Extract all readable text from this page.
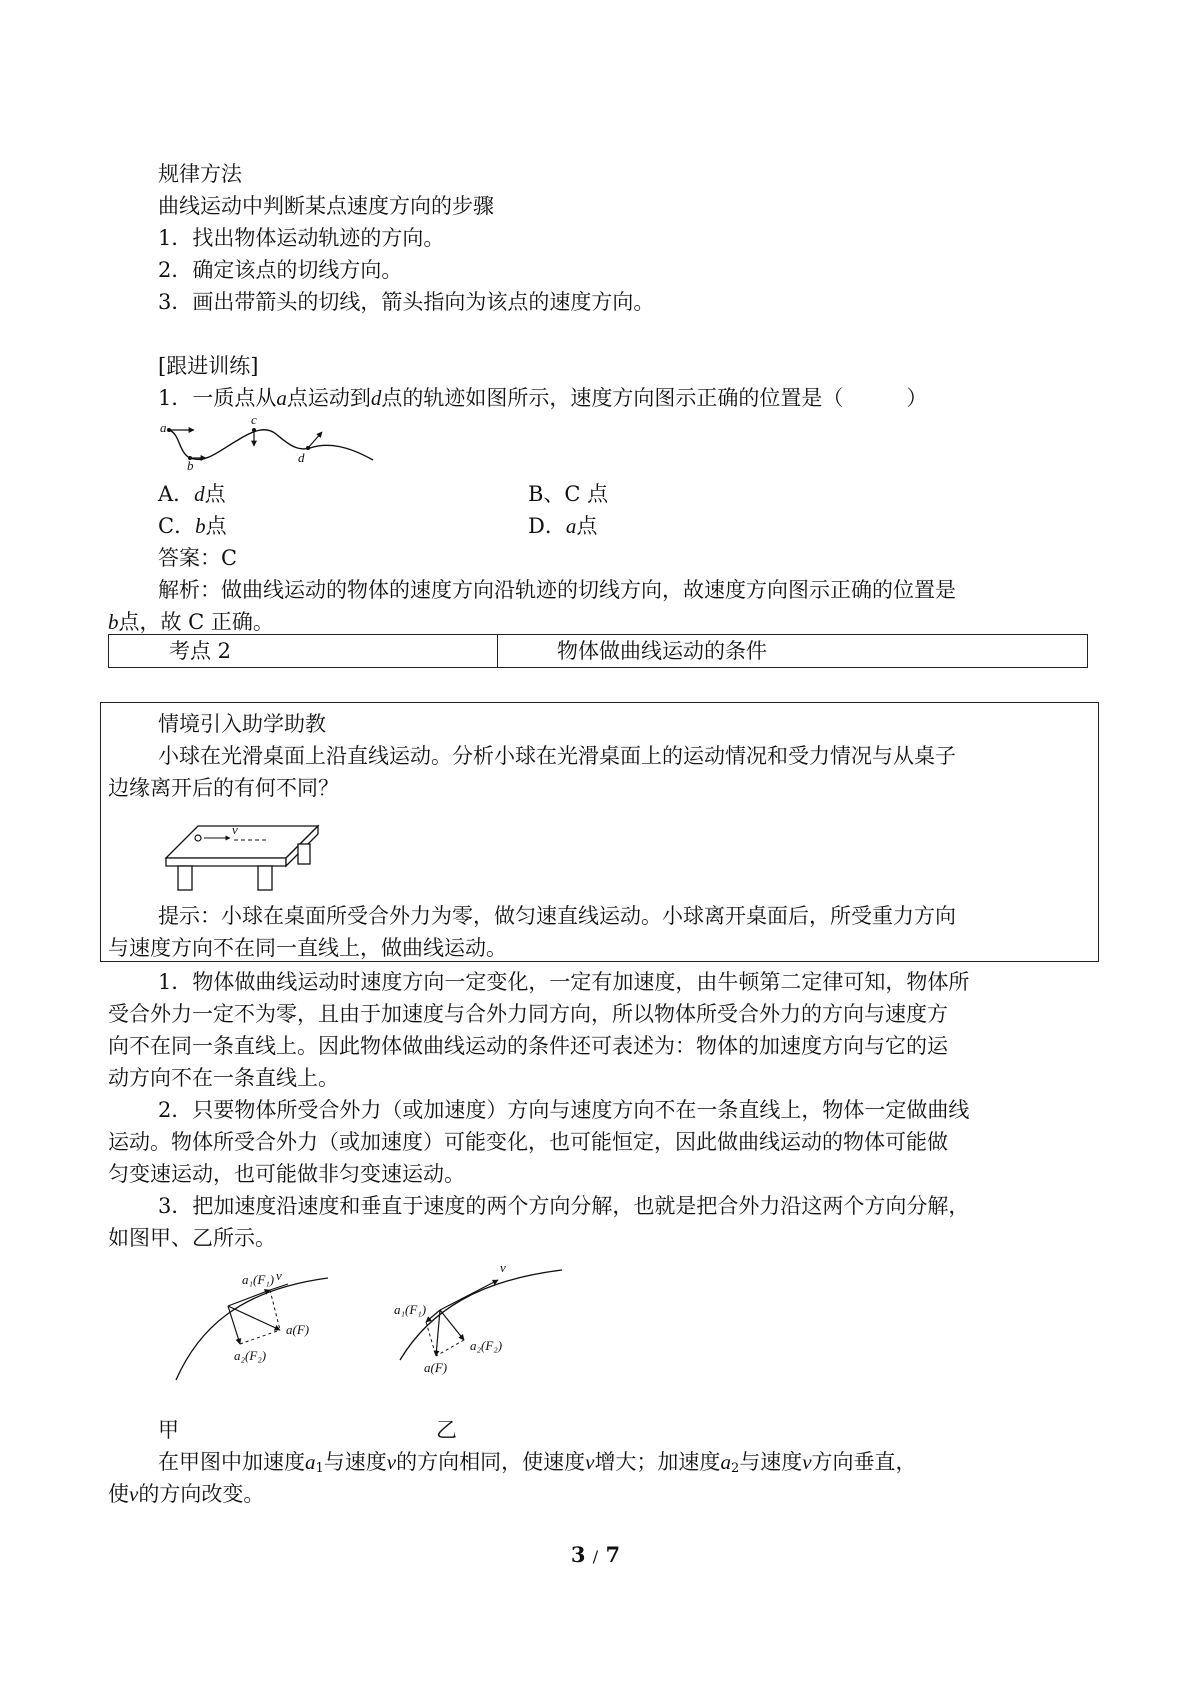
规律方法
曲线运动中判断某点速度方向的步骤
1．找出物体运动轨迹的方向。
2．确定该点的切线方向。
3．画出带箭头的切线，箭头指向为该点的速度方向。
[跟进训练]
1．一质点从a点运动到d点的轨迹如图所示，速度方向图示正确的位置是（　　　）
a
b
c
d
A．d点	B、C 点
C．b点	D．a点
答案：C
解析：做曲线运动的物体的速度方向沿轨迹的切线方向，故速度方向图示正确的位置是
b点，故 C 正确。
考点 2	物体做曲线运动的条件
情境引入助学助教
小球在光滑桌面上沿直线运动。分析小球在光滑桌面上的运动情况和受力情况与从桌子
边缘离开后的有何不同？
v
提示：小球在桌面所受合外力为零，做匀速直线运动。小球离开桌面后，所受重力方向
与速度方向不在同一直线上，做曲线运动。
1．物体做曲线运动时速度方向一定变化，一定有加速度，由牛顿第二定律可知，物体所
受合外力一定不为零，且由于加速度与合外力同方向，所以物体所受合外力的方向与速度方
向不在同一条直线上。因此物体做曲线运动的条件还可表述为：物体的加速度方向与它的运
动方向不在一条直线上。
2．只要物体所受合外力（或加速度）方向与速度方向不在一条直线上，物体一定做曲线
运动。物体所受合外力（或加速度）可能变化，也可能恒定，因此做曲线运动的物体可能做
匀变速运动，也可能做非匀变速运动。
3．把加速度沿速度和垂直于速度的两个方向分解，也就是把合外力沿这两个方向分解，
如图甲、乙所示。
a₁(F₁) v
a(F)
a₂(F₂)
v
a₁(F₁)
a₂(F₂)
a(F)
甲	乙
在甲图中加速度$a_1$与速度v的方向相同，使速度v增大；加速度$a_2$与速度v方向垂直，
使v的方向改变。
3 / 7
